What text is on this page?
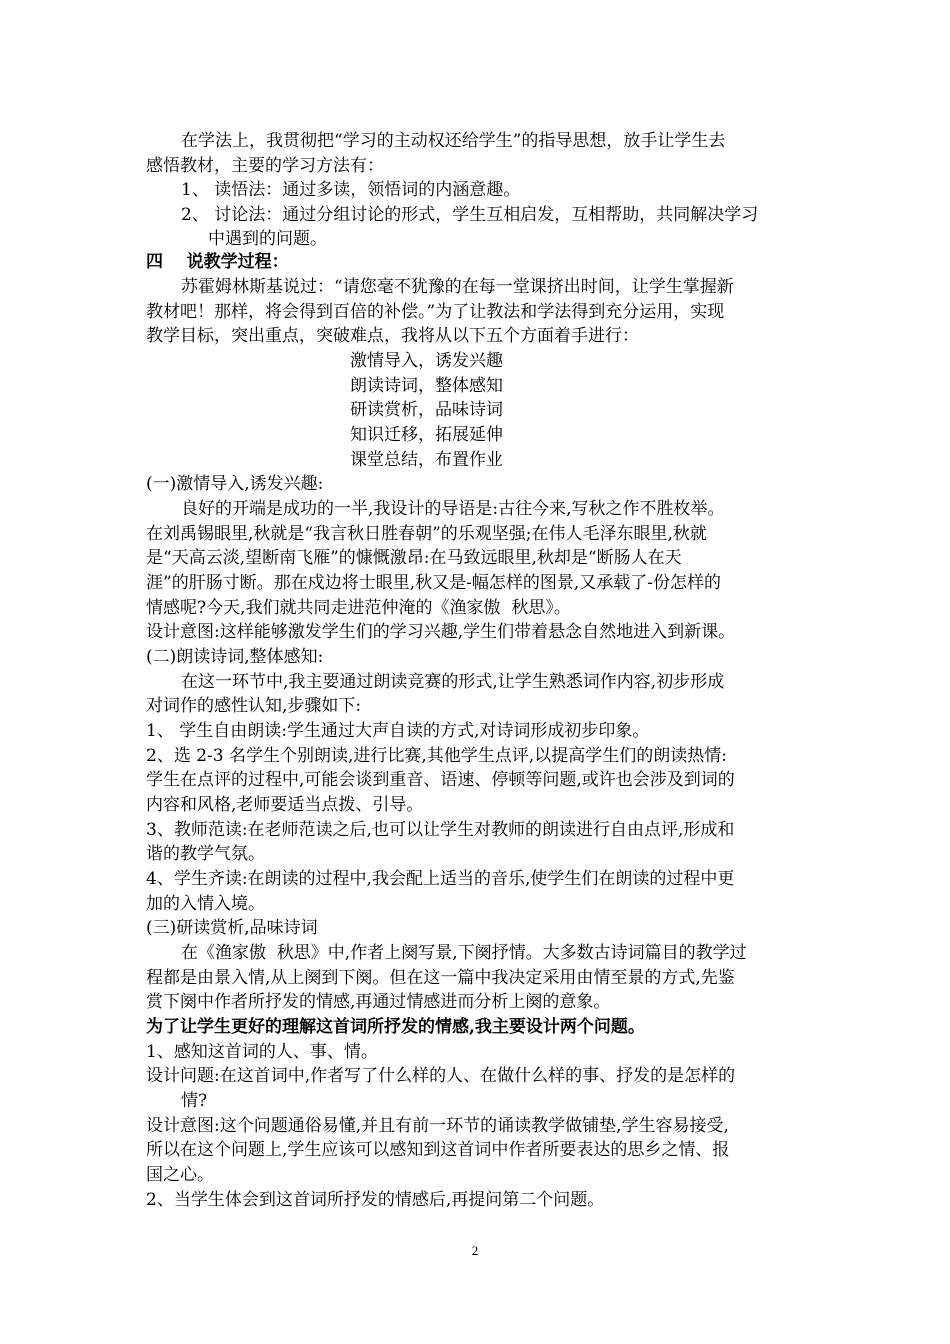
在学法上，我贯彻把“学习的主动权还给学生”的指导思想，放手让学生去
感悟教材，主要的学习方法有：
1、 读悟法：通过多读，领悟词的内涵意趣。
2、 讨论法：通过分组讨论的形式，学生互相启发，互相帮助，共同解决学习
中遇到的问题。
四    说教学过程：
苏霍姆林斯基说过：“请您毫不犹豫的在每一堂课挤出时间，让学生掌握新
教材吧！那样，将会得到百倍的补偿。”为了让教法和学法得到充分运用，实现
教学目标，突出重点，突破难点，我将从以下五个方面着手进行：
激情导入，诱发兴趣
朗读诗词，整体感知
研读赏析，品味诗词
知识迁移，拓展延伸
课堂总结，布置作业
(一)激情导入,诱发兴趣:
良好的开端是成功的一半,我设计的导语是:古往今来,写秋之作不胜枚举。
在刘禹锡眼里,秋就是“我言秋日胜春朝”的乐观坚强;在伟人毛泽东眼里,秋就
是“天高云淡,望断南飞雁”的慷慨激昂:在马致远眼里,秋却是“断肠人在天
涯”的肝肠寸断。那在戍边将士眼里,秋又是-幅怎样的图景,又承载了-份怎样的
情感呢?今天,我们就共同走进范仲淹的《渔家傲  秋思》。
设计意图:这样能够激发学生们的学习兴趣,学生们带着悬念自然地进入到新课。
(二)朗读诗词,整体感知:
在这一环节中,我主要通过朗读竞赛的形式,让学生熟悉词作内容,初步形成
对词作的感性认知,步骤如下:
1、 学生自由朗读:学生通过大声自读的方式,对诗词形成初步印象。
2、选 2-3 名学生个别朗读,进行比赛,其他学生点评,以提高学生们的朗读热情:
学生在点评的过程中,可能会谈到重音、语速、停顿等问题,或许也会涉及到词的
内容和风格,老师要适当点拨、引导。
3、教师范读:在老师范读之后,也可以让学生对教师的朗读进行自由点评,形成和
谐的教学气氛。
4、学生齐读:在朗读的过程中,我会配上适当的音乐,使学生们在朗读的过程中更
加的入情入境。
(三)研读赏析,品味诗词
在《渔家傲  秋思》中,作者上阕写景,下阕抒情。大多数古诗词篇目的教学过
程都是由景入情,从上阕到下阕。但在这一篇中我决定采用由情至景的方式,先鉴
赏下阕中作者所抒发的情感,再通过情感进而分析上阕的意象。
为了让学生更好的理解这首词所抒发的情感,我主要设计两个问题。
1、感知这首词的人、事、情。
设计问题:在这首词中,作者写了什么样的人、在做什么样的事、抒发的是怎样的
情?
设计意图:这个问题通俗易懂,并且有前一环节的诵读教学做铺垫,学生容易接受,
所以在这个问题上,学生应该可以感知到这首词中作者所要表达的思乡之情、报
国之心。
2、当学生体会到这首词所抒发的情感后,再提问第二个问题。
2
